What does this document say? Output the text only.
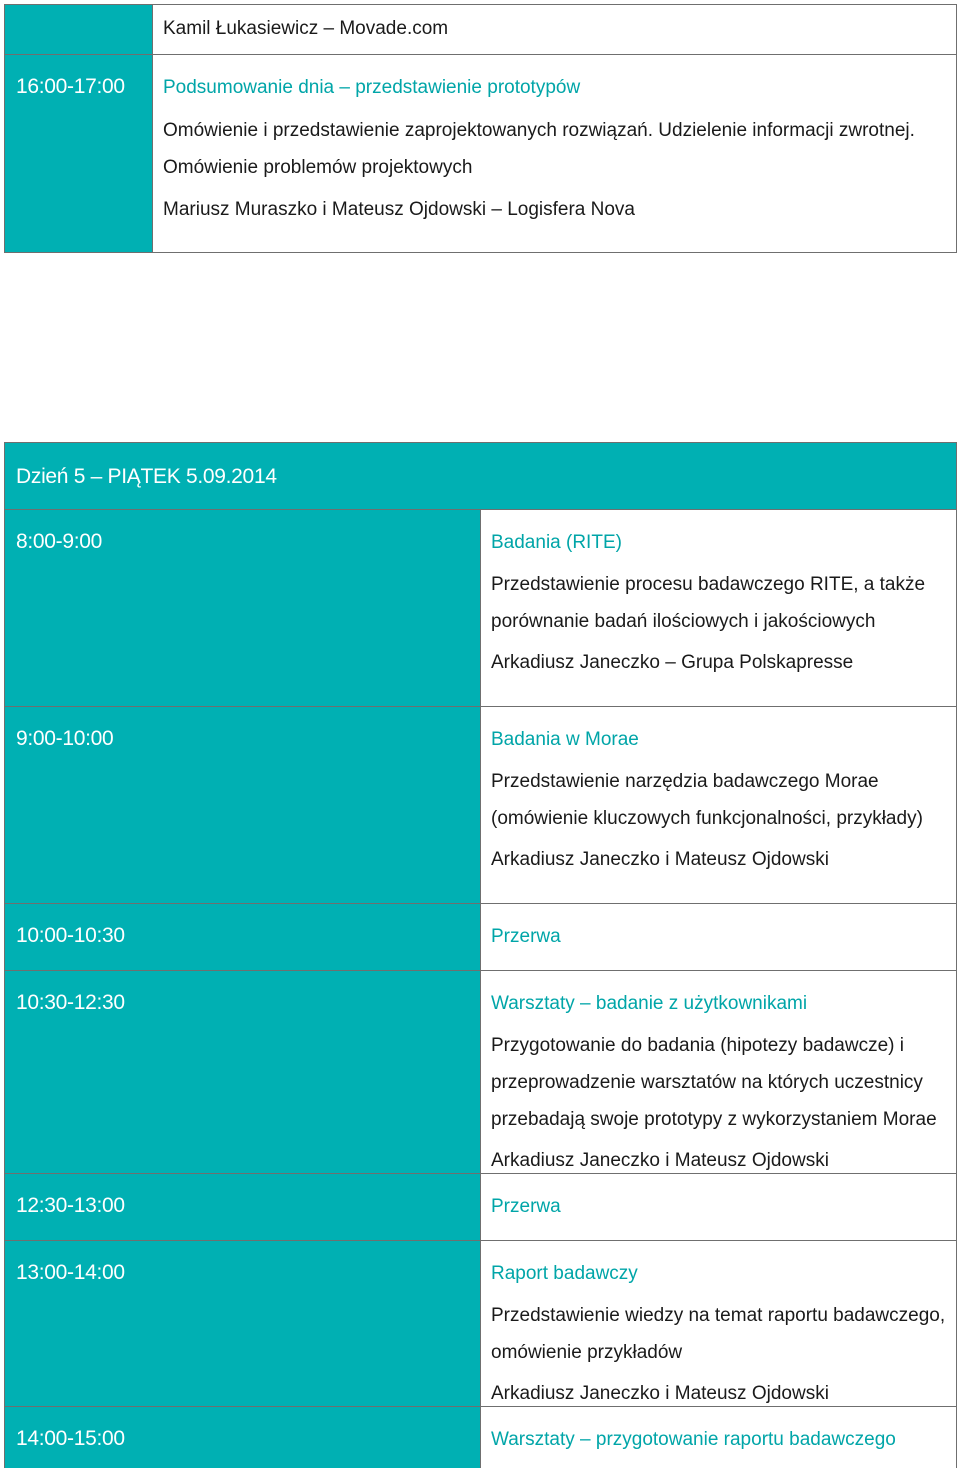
	Kamil Łukasiewicz – Movade.com

16:00-17:00	Podsumowanie dnia – przedstawienie prototypów
Omówienie i przedstawienie zaprojektowanych rozwiązań. Udzielenie informacji zwrotnej. Omówienie problemów projektowych
Mariusz Muraszko i Mateusz Ojdowski – Logisfera Nova
Dzień 5 – PIĄTEK 5.09.2014	
8:00-9:00	Badania (RITE)
Przedstawienie procesu badawczego RITE, a także porównanie badań ilościowych i jakościowych
Arkadiusz Janeczko – Grupa Polskapresse

9:00-10:00	Badania w Morae
Przedstawienie narzędzia badawczego Morae (omówienie kluczowych funkcjonalności, przykłady)
Arkadiusz Janeczko i Mateusz Ojdowski

10:00-10:30	Przerwa

10:30-12:30	Warsztaty – badanie z użytkownikami
Przygotowanie do badania (hipotezy badawcze) i przeprowadzenie warsztatów na których uczestnicy przebadają swoje prototypy z wykorzystaniem Morae
Arkadiusz Janeczko i Mateusz Ojdowski

12:30-13:00	Przerwa

13:00-14:00	Raport badawczy
Przedstawienie wiedzy na temat raportu badawczego, omówienie przykładów
Arkadiusz Janeczko i Mateusz Ojdowski

14:00-15:00	Warsztaty – przygotowanie raportu badawczego
